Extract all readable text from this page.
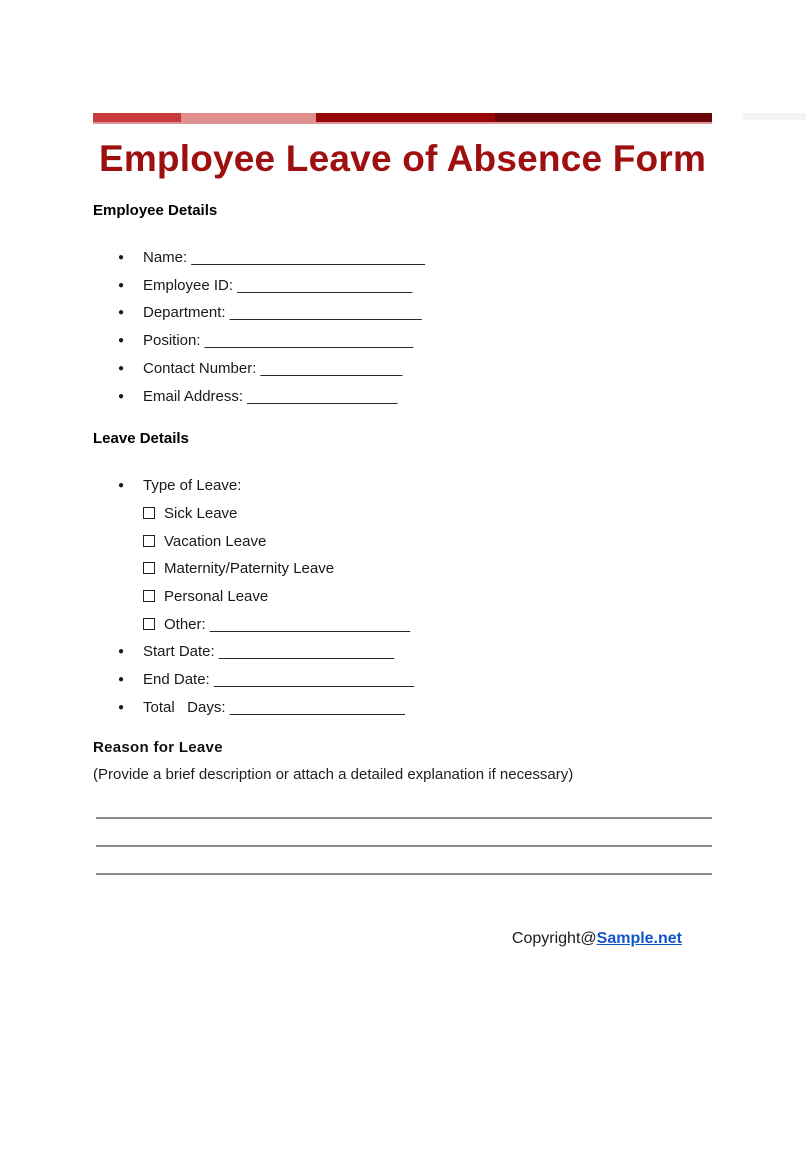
Employee Leave of Absence Form
Employee Details
● Name: ____________________________
● Employee ID: _____________________
● Department: _______________________
● Position: _________________________
● Contact Number: _________________
● Email Address: __________________
Leave Details
● Type of Leave:
Sick Leave
Vacation Leave
Maternity/Paternity Leave
Personal Leave
Other: ________________________
● Start Date: _____________________
● End Date: ________________________
● Total   Days: _____________________
Reason for Leave
(Provide a brief description or attach a detailed explanation if necessary)
Copyright@Sample.net
